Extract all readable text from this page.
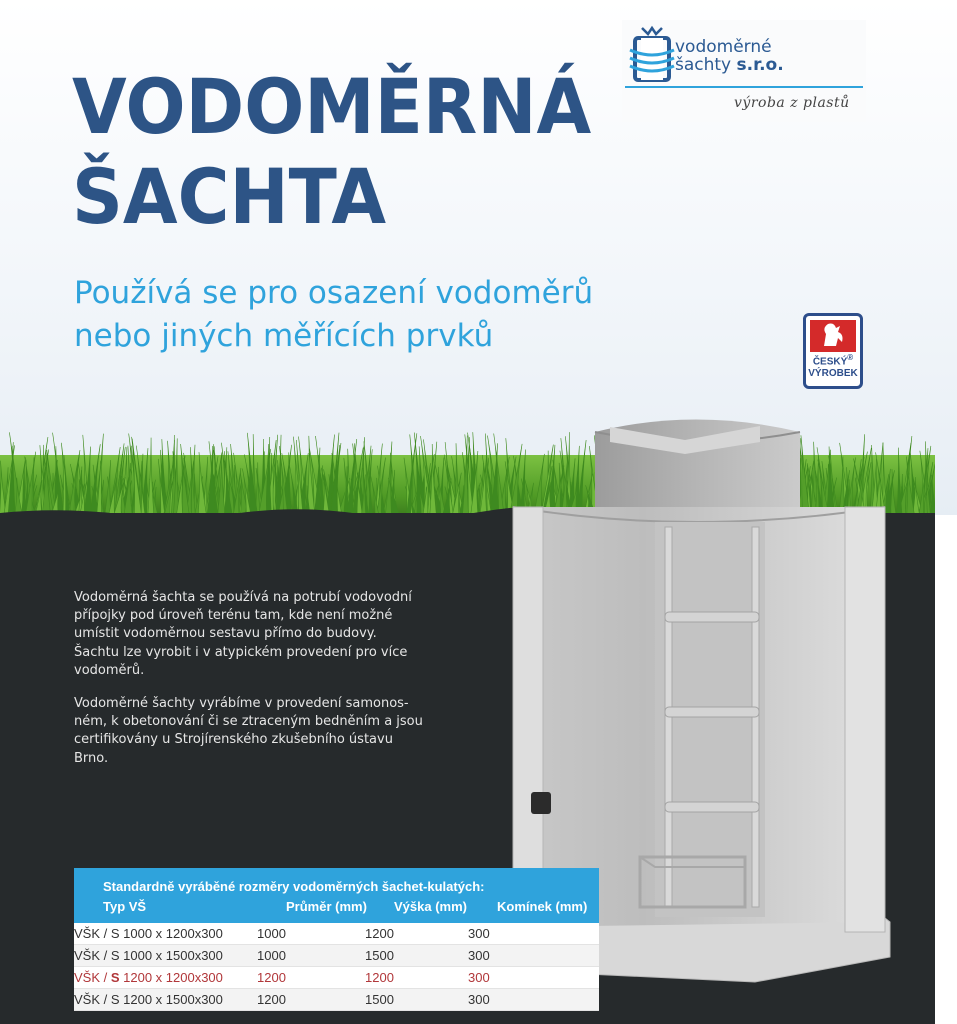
VODOMĚRNÁ
ŠACHTA
Používá se pro osazení vodoměrů
nebo jiných měřících prvků
vodoměrné
šachty s.r.o.
výroba z plastů
ČESKÝ®
VÝROBEK
Vodoměrná šachta se používá na potrubí vodovodní
přípojky pod úroveň terénu tam, kde není možné
umístit vodoměrnou sestavu přímo do budovy.
Šachtu lze vyrobit i v atypickém provedení pro více
vodoměrů.
Vodoměrné šachty vyrábíme v provedení samonos-
ném, k obetonování či se ztraceným bedněním a jsou
certifikovány u Strojírenského zkušebního ústavu
Brno.
Standardně vyráběné rozměry vodoměrných šachet-kulatých:
Typ VŠ	Průměr (mm) Výška (mm) Komínek (mm)
VŠK / S 1000 x 1200x300	1000	1200	300
VŠK / S 1000 x 1500x300	1000	1500	300
VŠK / S 1200 x 1200x300	1200	1200	300
VŠK / S 1200 x 1500x300	1200	1500	300
